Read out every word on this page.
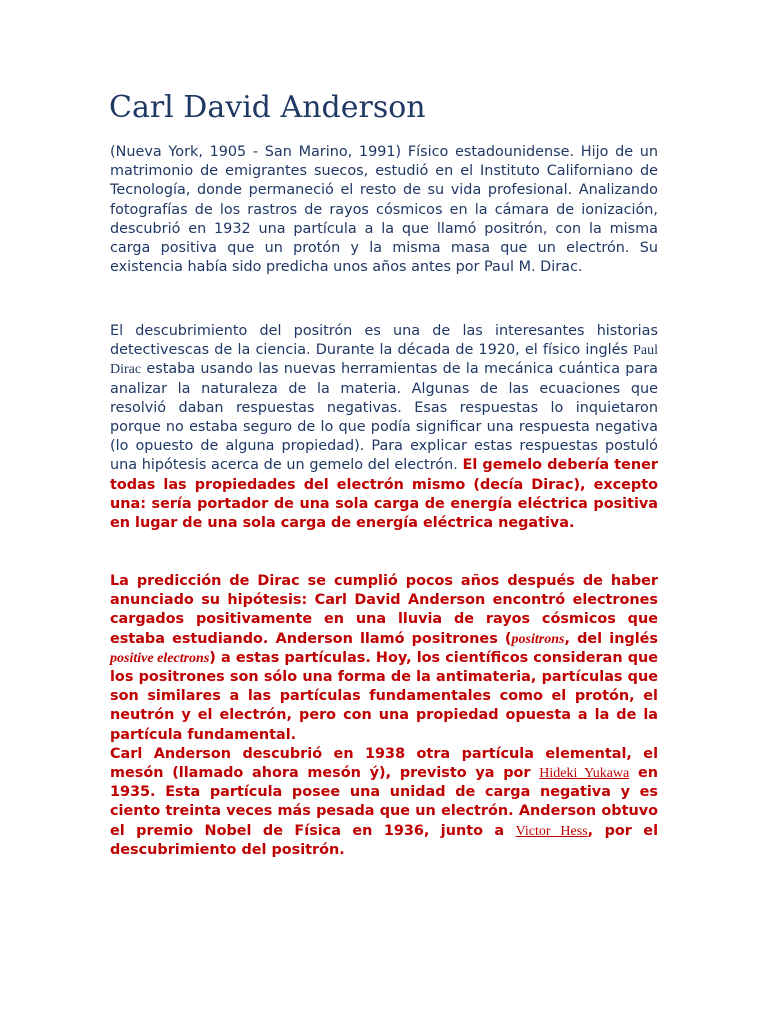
Carl David Anderson

(Nueva York, 1905 - San Marino, 1991) Físico estadounidense. Hijo de un matrimonio de emigrantes suecos, estudió en el Instituto Californiano de Tecnología, donde permaneció el resto de su vida profesional. Analizando fotografías de los rastros de rayos cósmicos en la cámara de ionización, descubrió en 1932 una partícula a la que llamó positrón, con la misma carga positiva que un protón y la misma masa que un electrón. Su existencia había sido predicha unos años antes por Paul M. Dirac.

El descubrimiento del positrón es una de las interesantes historias detectivescas de la ciencia. Durante la década de 1920, el físico inglés Paul Dirac estaba usando las nuevas herramientas de la mecánica cuántica para analizar la naturaleza de la materia. Algunas de las ecuaciones que resolvió daban respuestas negativas. Esas respuestas lo inquietaron porque no estaba seguro de lo que podía significar una respuesta negativa (lo opuesto de alguna propiedad). Para explicar estas respuestas postuló una hipótesis acerca de un gemelo del electrón. El gemelo debería tener todas las propiedades del electrón mismo (decía Dirac), excepto una: sería portador de una sola carga de energía eléctrica positiva en lugar de una sola carga de energía eléctrica negativa.

La predicción de Dirac se cumplió pocos años después de haber anunciado su hipótesis: Carl David Anderson encontró electrones cargados positivamente en una lluvia de rayos cósmicos que estaba estudiando. Anderson llamó positrones (positrons, del inglés positive electrons) a estas partículas. Hoy, los científicos consideran que los positrones son sólo una forma de la antimateria, partículas que son similares a las partículas fundamentales como el protón, el neutrón y el electrón, pero con una propiedad opuesta a la de la partícula fundamental.
Carl Anderson descubrió en 1938 otra partícula elemental, el mesón (llamado ahora mesón ý), previsto ya por Hideki Yukawa en 1935. Esta partícula posee una unidad de carga negativa y es ciento treinta veces más pesada que un electrón. Anderson obtuvo el premio Nobel de Física en 1936, junto a Victor Hess, por el descubrimiento del positrón.
